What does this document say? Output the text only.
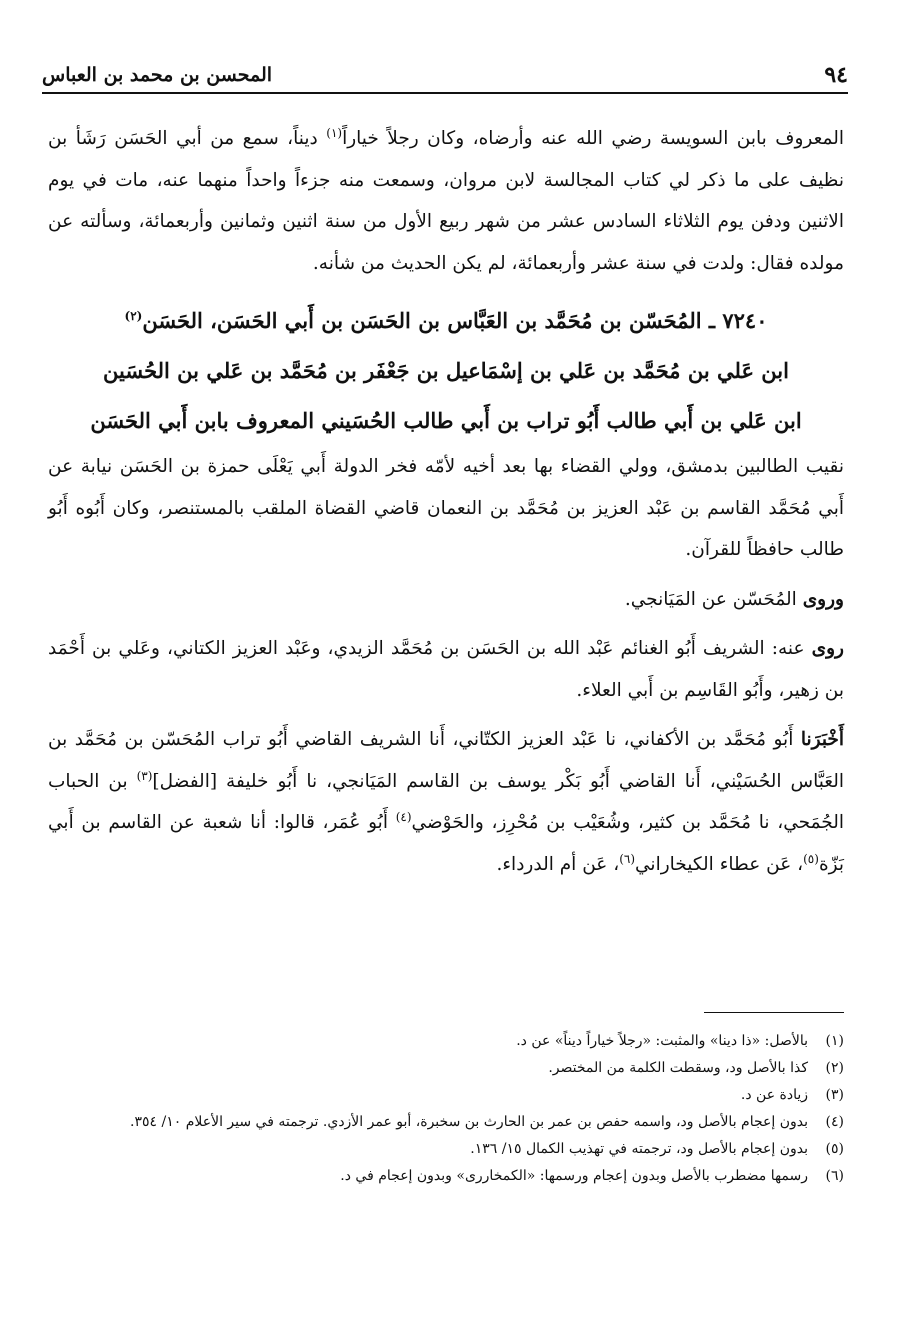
٩٤
المحسن بن محمد بن العباس

المعروف بابن السويسة رضي الله عنه وأرضاه، وكان رجلاً خياراً$^{(١)}$ ديناً، سمع من أبي الحَسَن رَشَأ بن نظيف على ما ذكر لي كتاب المجالسة لابن مروان، وسمعت منه جزءاً واحداً منهما عنه، مات في يوم الاثنين ودفن يوم الثلاثاء السادس عشر من شهر ربيع الأول من سنة اثنين وثمانين وأربعمائة، وسألته عن مولده فقال: ولدت في سنة عشر وأربعمائة، لم يكن الحديث من شأنه.

٧٢٤٠ ـ المُحَسّن بن مُحَمَّد بن العَبَّاس بن الحَسَن بن أَبي الحَسَن، الحَسَن$^{(٢)}$
ابن عَلي بن مُحَمَّد بن عَلي بن إسْمَاعيل بن جَعْفَر بن مُحَمَّد بن عَلي بن الحُسَين
ابن عَلي بن أَبي طالب أَبُو تراب بن أَبي طالب الحُسَيني المعروف بابن أَبي الحَسَن

نقيب الطالبين بدمشق، وولي القضاء بها بعد أخيه لأمّه فخر الدولة أَبي يَعْلَى حمزة بن الحَسَن نيابة عن أَبي مُحَمَّد القاسم بن عَبْد العزيز بن مُحَمَّد بن النعمان قاضي القضاة الملقب بالمستنصر، وكان أَبُوه أَبُو طالب حافظاً للقرآن.

وروى المُحَسّن عن المَيَانجي.

روى عنه: الشريف أَبُو الغنائم عَبْد الله بن الحَسَن بن مُحَمَّد الزيدي، وعَبْد العزيز الكتاني، وعَلي بن أَحْمَد بن زهير، وأَبُو القَاسِم بن أَبي العلاء.

أَخْبَرَنا أَبُو مُحَمَّد بن الأكفاني، نا عَبْد العزيز الكتّاني، أَنا الشريف القاضي أَبُو تراب المُحَسّن بن مُحَمَّد بن العَبَّاس الحُسَيْني، أَنا القاضي أَبُو بَكْر يوسف بن القاسم المَيَانجي، نا أَبُو خليفة [الفضل]$^{(٣)}$ بن الحباب الجُمَحي، نا مُحَمَّد بن كثير، وشُعَيْب بن مُحْرِز، والحَوْضي$^{(٤)}$ أَبُو عُمَر، قالوا: أنا شعبة عن القاسم بن أَبي بَزّة$^{(٥)}$، عَن عطاء الكيخاراني$^{(٦)}$، عَن أم الدرداء.

(١)
بالأصل: «ذا دينا» والمثبت: «رجلاً خياراً ديناً» عن د.
(٢)
كذا بالأصل ود، وسقطت الكلمة من المختصر.
(٣)
زيادة عن د.
(٤)
بدون إعجام بالأصل ود، واسمه حفص بن عمر بن الحارث بن سخبرة، أبو عمر الأزدي. ترجمته في سير الأعلام ١٠/ ٣٥٤.
(٥)
بدون إعجام بالأصل ود، ترجمته في تهذيب الكمال ١٥/ ١٣٦.
(٦)
رسمها مضطرب بالأصل وبدون إعجام ورسمها: «الكمخاررى» وبدون إعجام في د.
